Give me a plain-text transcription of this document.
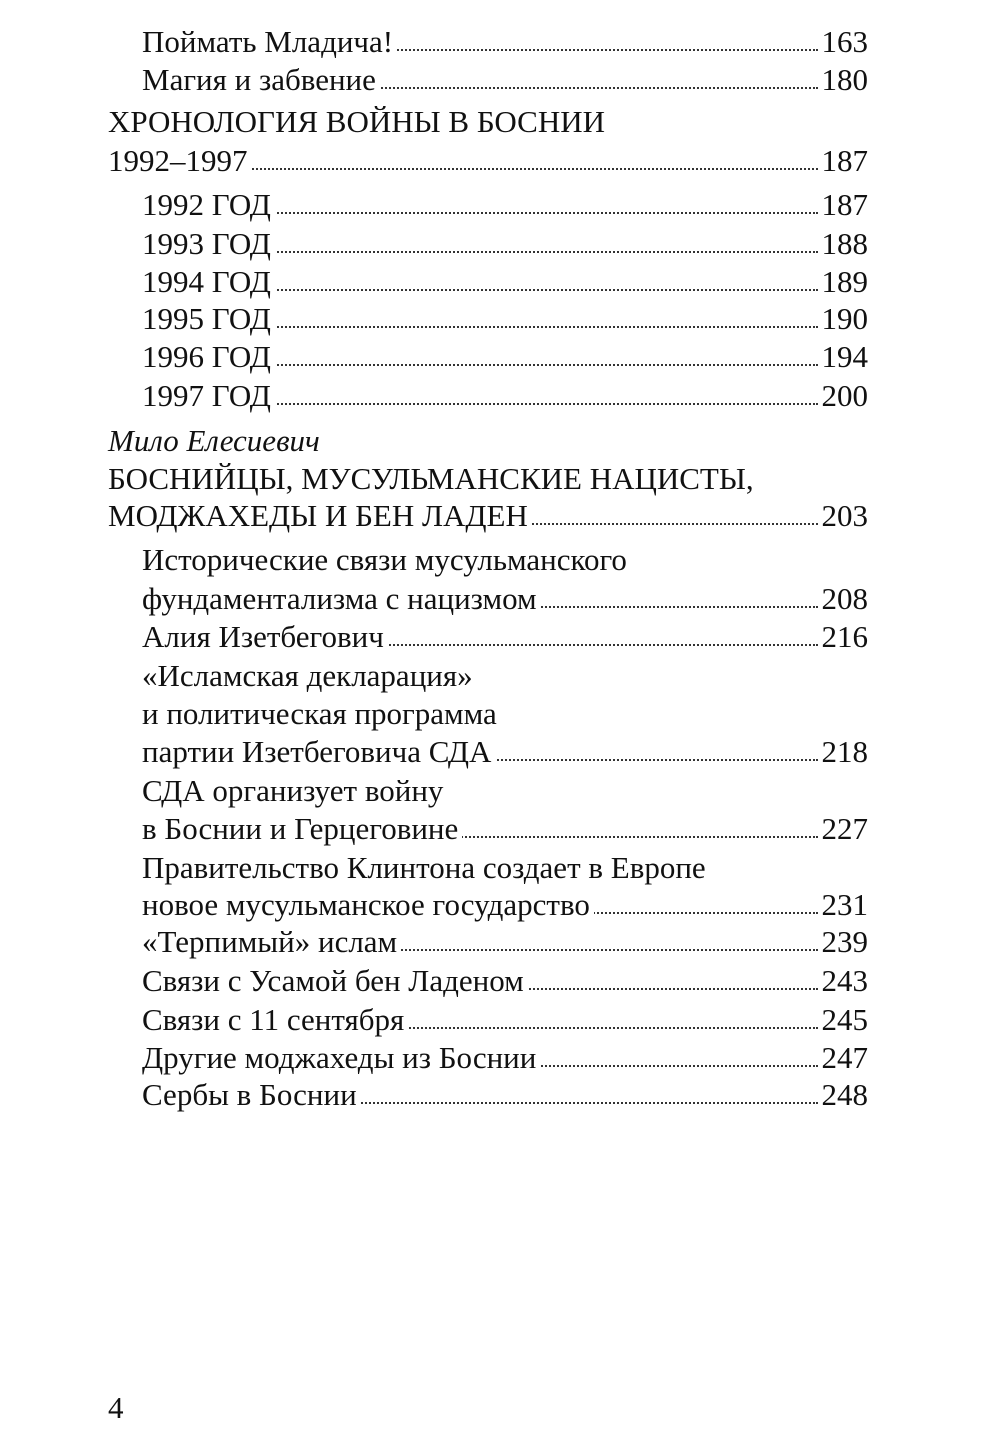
Поймать Младича!	163
Магия и забвение	180
ХРОНОЛОГИЯ ВОЙНЫ В БОСНИИ
1992–1997	187
1992 ГОД	187
1993 ГОД	188
1994 ГОД	189
1995 ГОД	190
1996 ГОД	194
1997 ГОД	200
Мило Елесиевич
БОСНИЙЦЫ, МУСУЛЬМАНСКИЕ НАЦИСТЫ,
МОДЖАХЕДЫ И БЕН ЛАДЕН	203
Исторические связи мусульманского
фундаментализма с нацизмом	208
Алия Изетбегович	216
«Исламская декларация»
и политическая программа
партии Изетбеговича СДА	218
СДА организует войну
в Боснии и Герцеговине	227
Правительство Клинтона создает в Европе
новое мусульманское государство	231
«Терпимый» ислам	239
Связи с Усамой бен Ладеном	243
Связи с 11 сентября	245
Другие моджахеды из Боснии	247
Сербы в Боснии	248
4
